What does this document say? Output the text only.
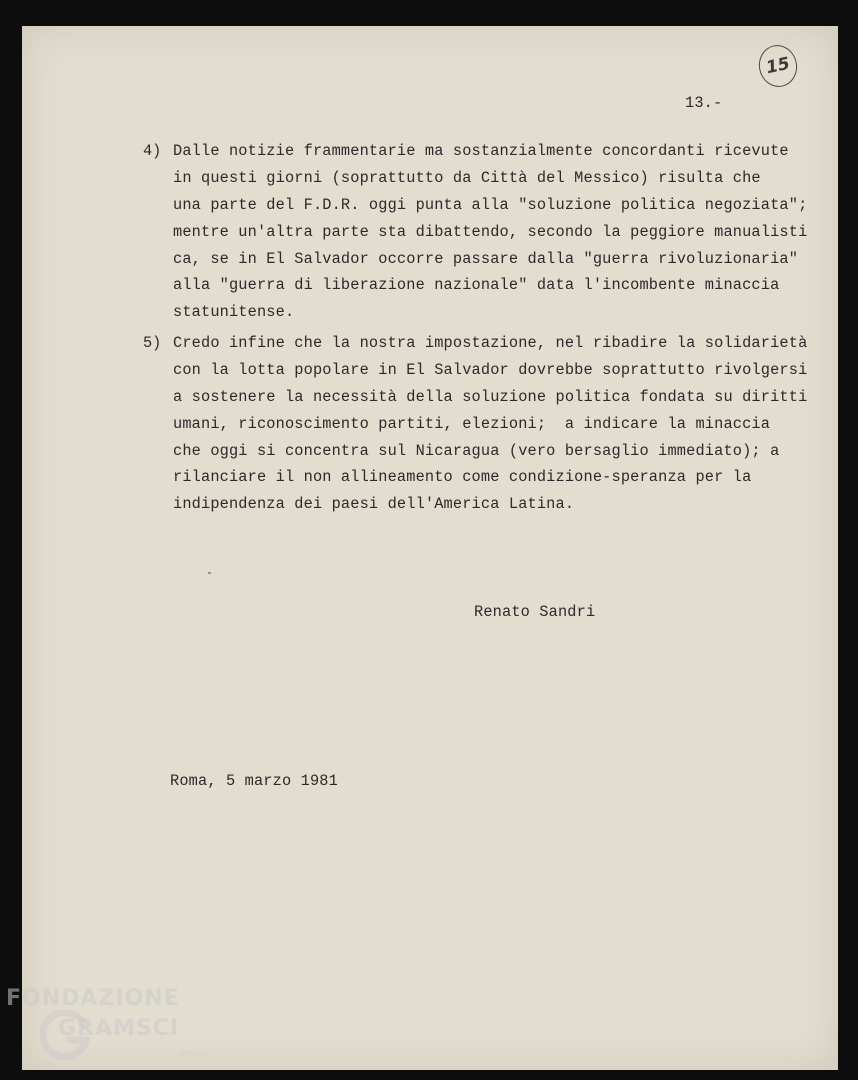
15
13.-
4) Dalle notizie frammentarie ma sostanzialmente concordanti ricevute
in questi giorni (soprattutto da Città del Messico) risulta che
una parte del F.D.R. oggi punta alla "soluzione politica negoziata";
mentre un'altra parte sta dibattendo, secondo la peggiore manualisti
ca, se in El Salvador occorre passare dalla "guerra rivoluzionaria"
alla "guerra di liberazione nazionale" data l'incombente minaccia
statunitense.
5) Credo infine che la nostra impostazione, nel ribadire la solidarietà
con la lotta popolare in El Salvador dovrebbe soprattutto rivolgersi
a sostenere la necessità della soluzione politica fondata su diritti
umani, riconoscimento partiti, elezioni;  a indicare la minaccia
che oggi si concentra sul Nicaragua (vero bersaglio immediato); a
rilanciare il non allineamento come condizione-speranza per la
indipendenza dei paesi dell'America Latina.
Renato Sandri
Roma, 5 marzo 1981
FONDAZIONE
GRAMSCI
onlus
